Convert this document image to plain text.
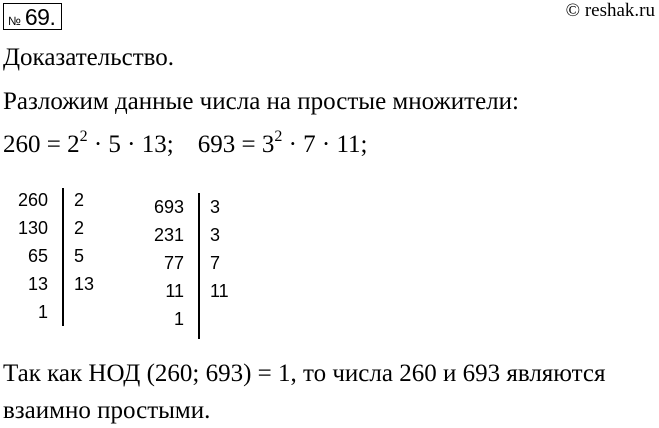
№ 69.	© reshak.ru
Доказательство.
Разложим данные числа на простые множители:
$260 = 2^2 \cdot 5 \cdot 13$; $693 = 3^2 \cdot 7 \cdot 11$;
260
130
65
13
1
2
2
5
13
693
231
77
11
1
3
3
7
11
Так как НОД (260; 693) = 1, то числа 260 и 693 являются
взаимно простыми.
